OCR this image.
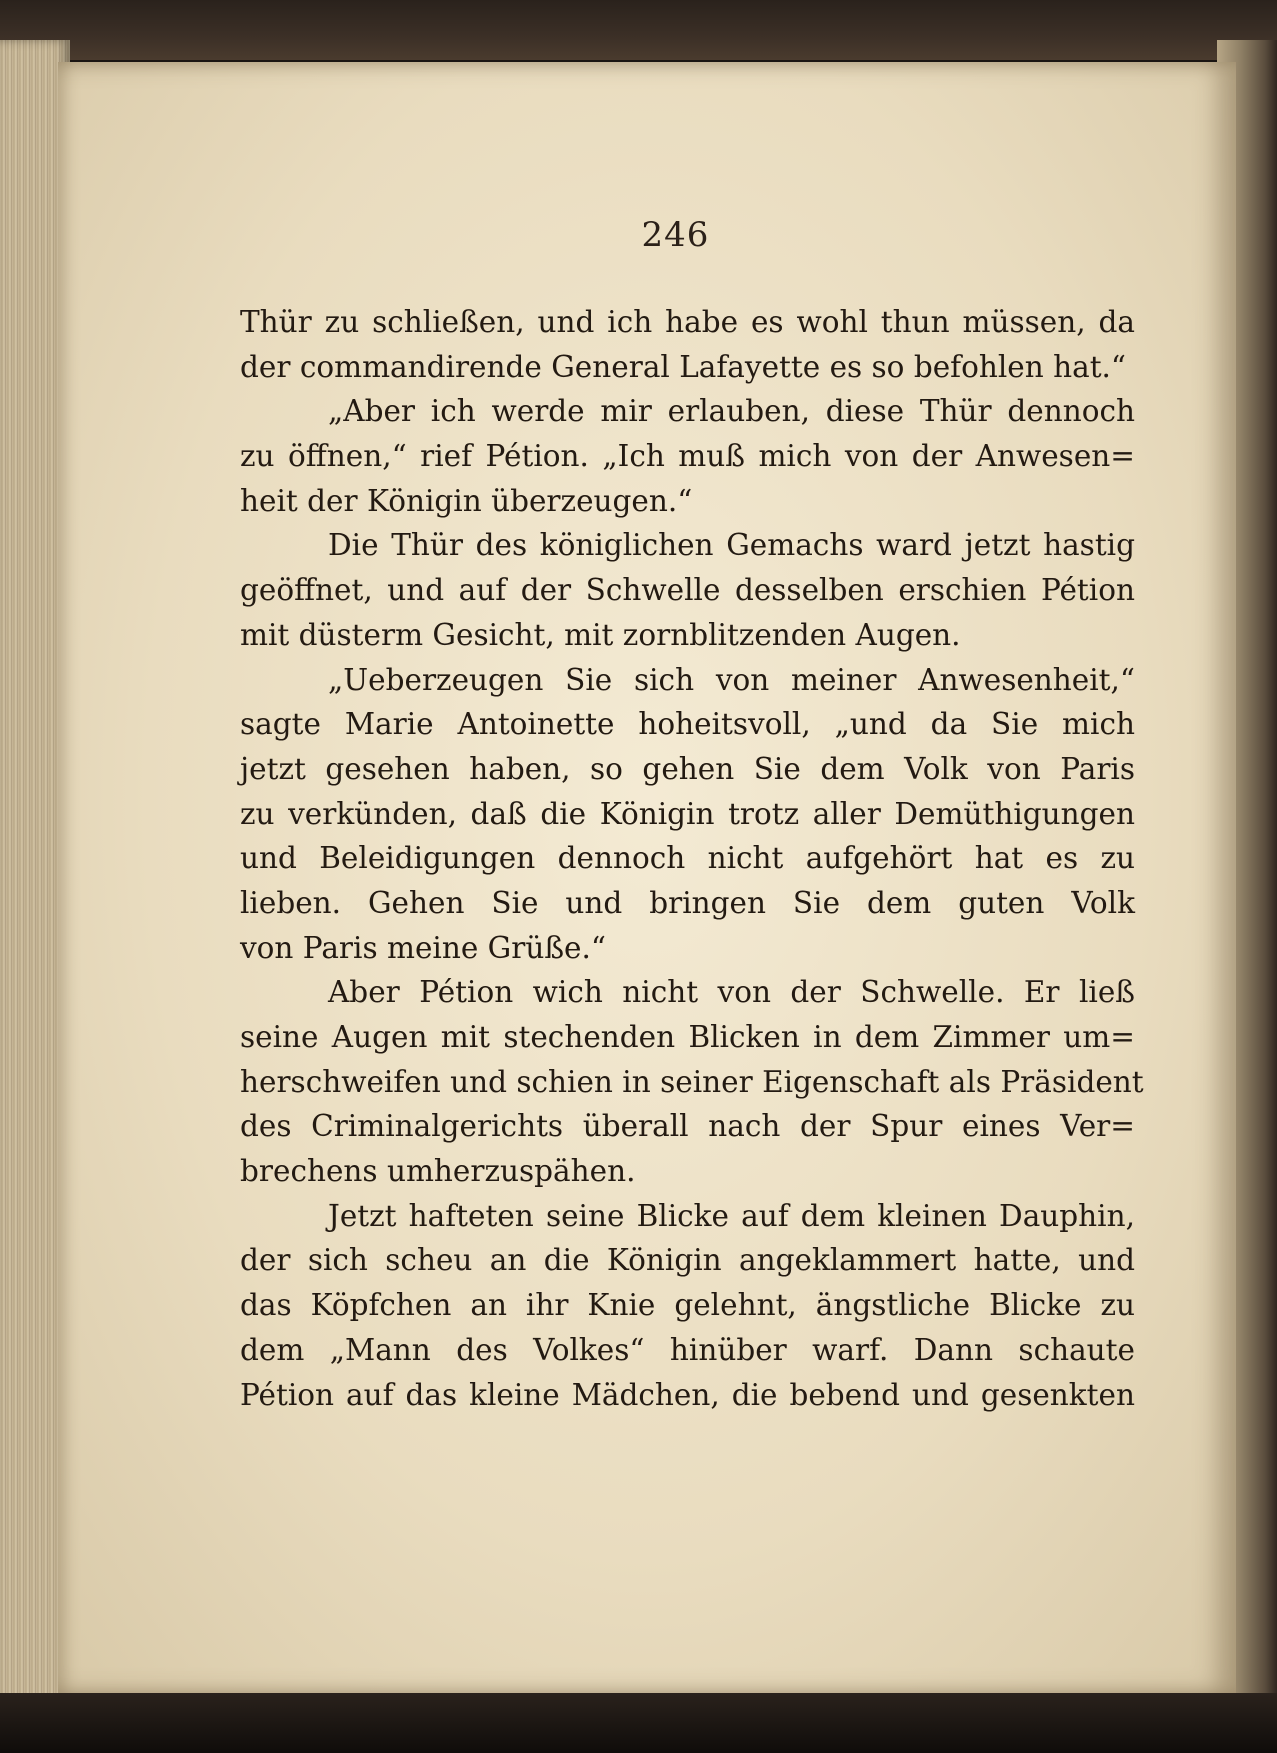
246
Thür zu schließen, und ich habe es wohl thun müssen, da
der commandirende General Lafayette es so befohlen hat.“
„Aber ich werde mir erlauben, diese Thür dennoch
zu öffnen,“ rief Pétion. „Ich muß mich von der Anwesen=
heit der Königin überzeugen.“
Die Thür des königlichen Gemachs ward jetzt hastig
geöffnet, und auf der Schwelle desselben erschien Pétion
mit düsterm Gesicht, mit zornblitzenden Augen.
„Ueberzeugen Sie sich von meiner Anwesenheit,“
sagte Marie Antoinette hoheitsvoll, „und da Sie mich
jetzt gesehen haben, so gehen Sie dem Volk von Paris
zu verkünden, daß die Königin trotz aller Demüthigungen
und Beleidigungen dennoch nicht aufgehört hat es zu
lieben. Gehen Sie und bringen Sie dem guten Volk
von Paris meine Grüße.“
Aber Pétion wich nicht von der Schwelle. Er ließ
seine Augen mit stechenden Blicken in dem Zimmer um=
herschweifen und schien in seiner Eigenschaft als Präsident
des Criminalgerichts überall nach der Spur eines Ver=
brechens umherzuspähen.
Jetzt hafteten seine Blicke auf dem kleinen Dauphin,
der sich scheu an die Königin angeklammert hatte, und
das Köpfchen an ihr Knie gelehnt, ängstliche Blicke zu
dem „Mann des Volkes“ hinüber warf. Dann schaute
Pétion auf das kleine Mädchen, die bebend und gesenkten
